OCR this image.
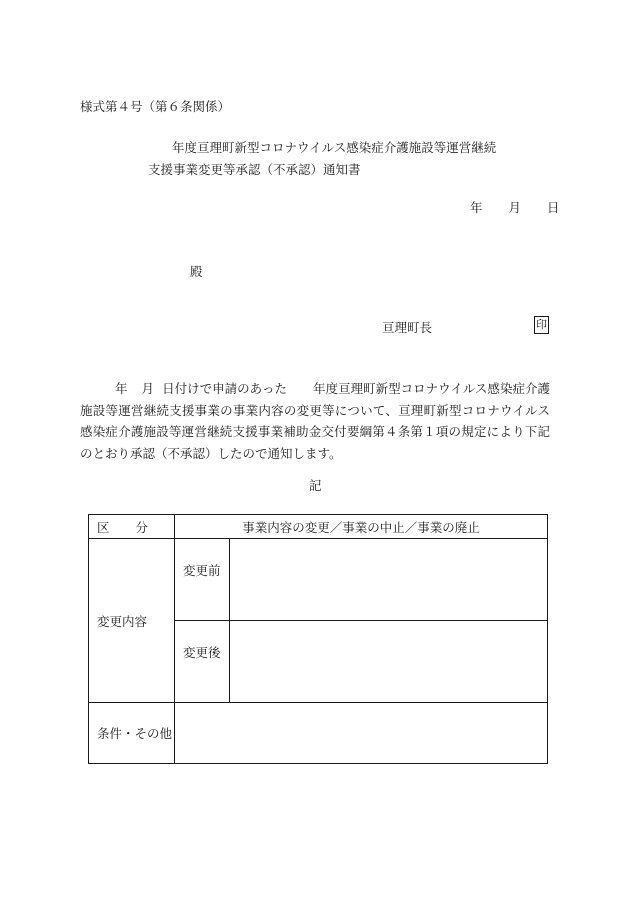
様式第４号（第６条関係）
年度亘理町新型コロナウイルス感染症介護施設等運営継続
支援事業変更等承認（不承認）通知書
年 月 日
殿
亘理町長	印
年 月 日付けで申請のあった 年度亘理町新型コロナウイルス感染症介護施設等運営継続支援事業の事業内容の変更等について、亘理町新型コロナウイルス感染症介護施設等運営継続支援事業補助金交付要綱第４条第１項の規定により下記のとおり承認（不承認）したので通知します。
記
区 分	事業内容の変更／事業の中止／事業の廃止	
変更内容	変更前	
	変更後	
条件・その他		
